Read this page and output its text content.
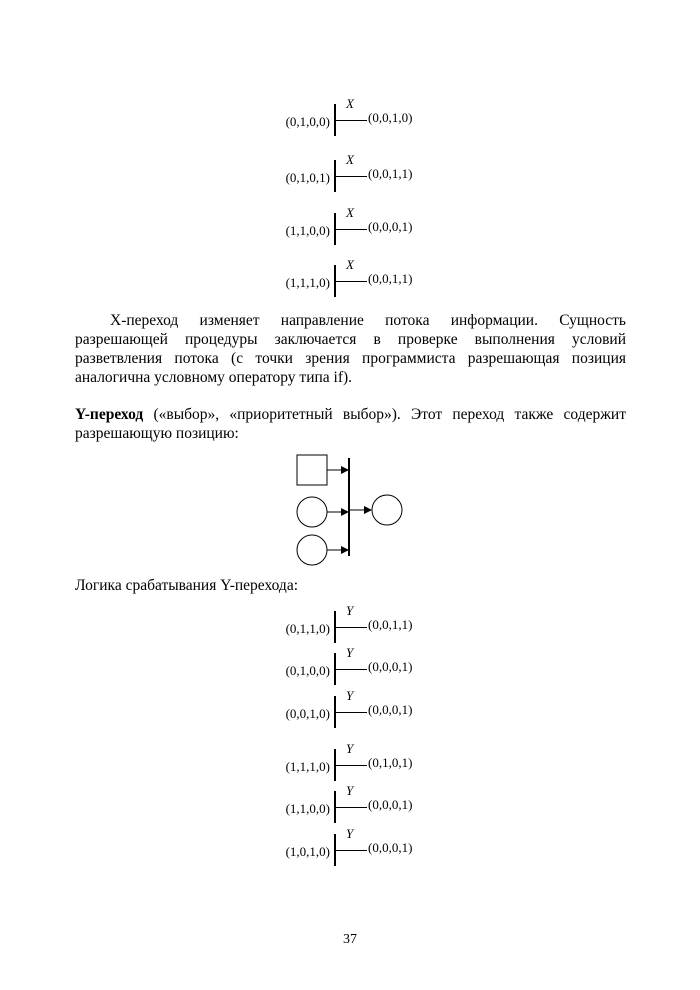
X
(0,1,0,0)	(0,0,1,0)
X
(0,1,0,1)	(0,0,1,1)
X
(1,1,0,0)	(0,0,0,1)
X
(1,1,1,0)	(0,0,1,1)

X-переход изменяет направление потока информации. Сущность разрешающей процедуры заключается в проверке выполнения условий разветвления потока (с точки зрения программиста разрешающая позиция аналогична условному оператору типа if).

Y-переход («выбор», «приоритетный выбор»). Этот переход также содержит разрешающую позицию:

Логика срабатывания Y-перехода:

Y
(0,1,1,0)	(0,0,1,1)
Y
(0,1,0,0)	(0,0,0,1)
Y
(0,0,1,0)	(0,0,0,1)
Y
(1,1,1,0)	(0,1,0,1)
Y
(1,1,0,0)	(0,0,0,1)
Y
(1,0,1,0)	(0,0,0,1)
37
